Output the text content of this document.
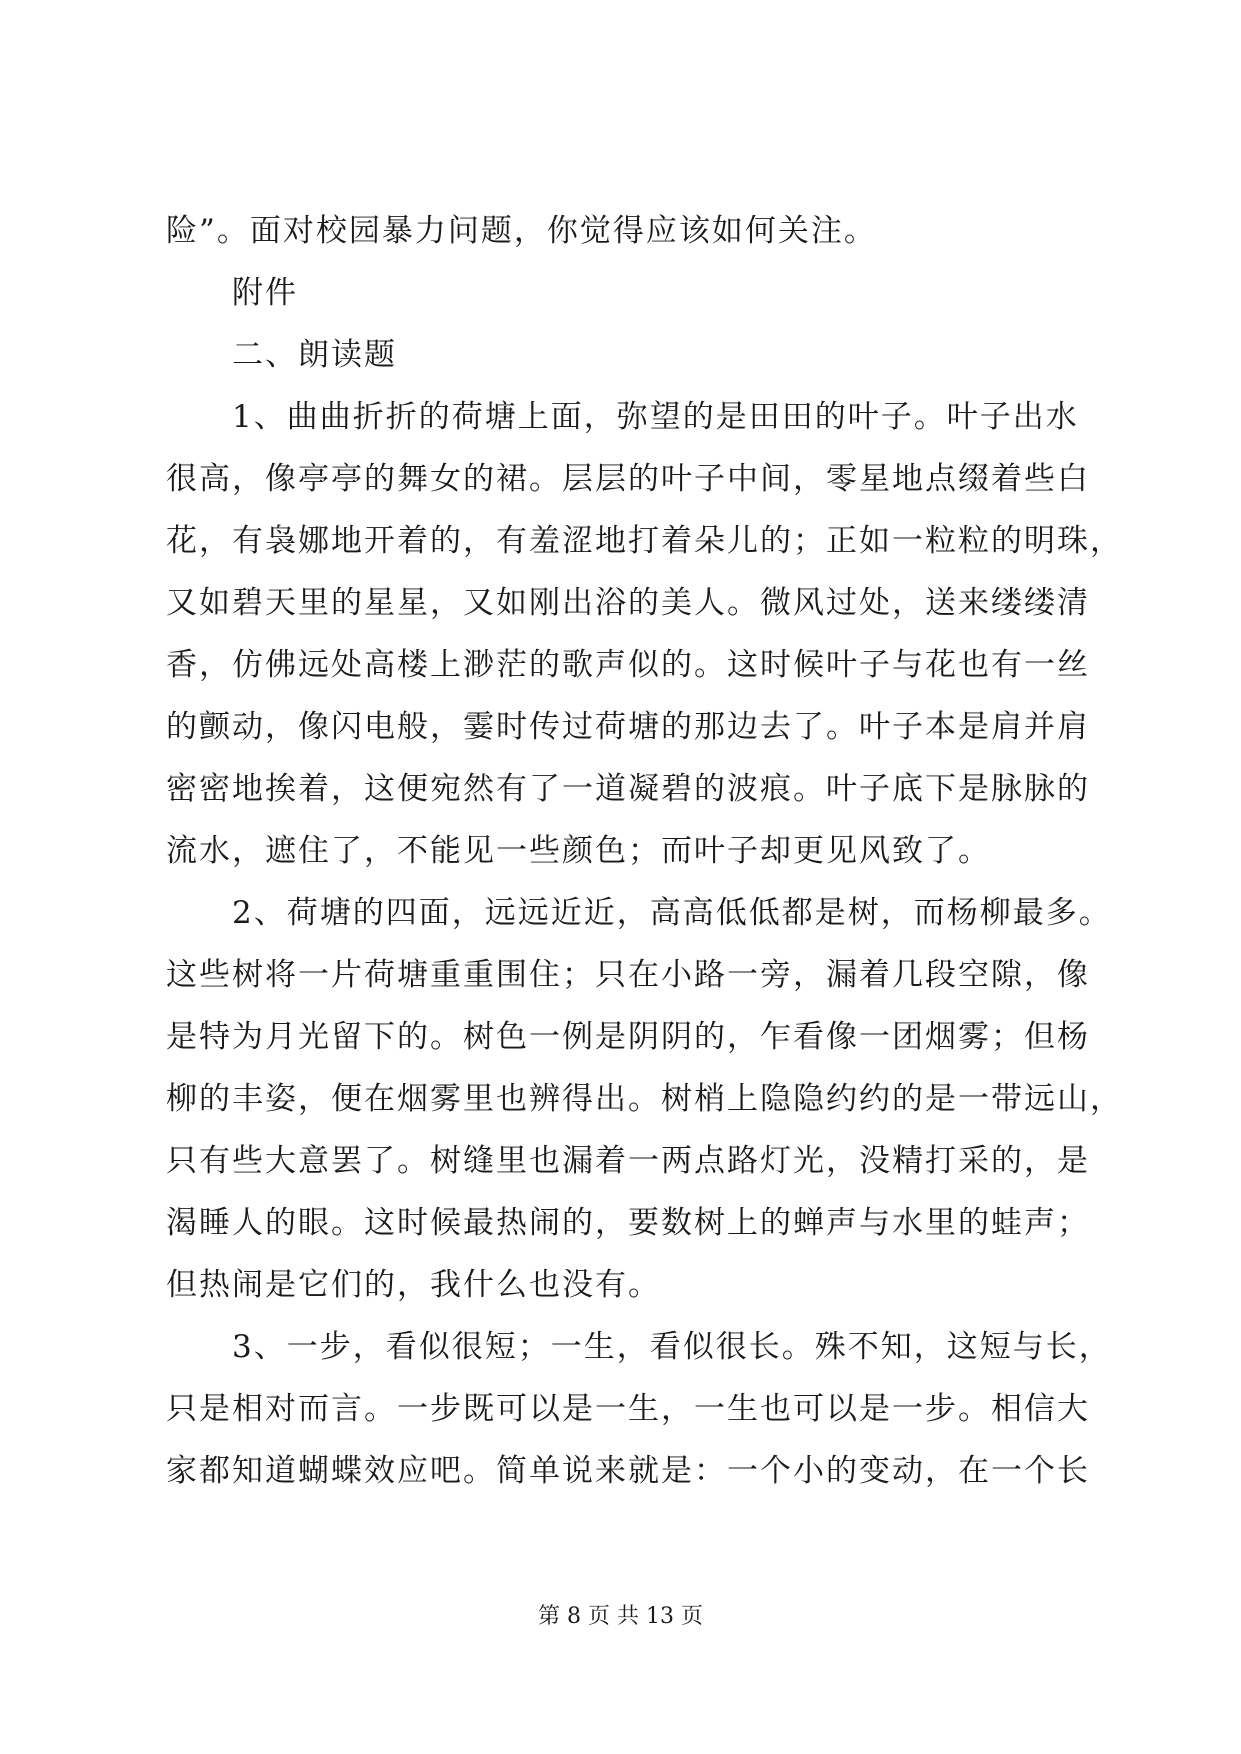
险”。面对校园暴力问题，你觉得应该如何关注。
附件
二、朗读题
1、曲曲折折的荷塘上面，弥望的是田田的叶子。叶子出水
很高，像亭亭的舞女的裙。层层的叶子中间，零星地点缀着些白
花，有袅娜地开着的，有羞涩地打着朵儿的；正如一粒粒的明珠，
又如碧天里的星星，又如刚出浴的美人。微风过处，送来缕缕清
香，仿佛远处高楼上渺茫的歌声似的。这时候叶子与花也有一丝
的颤动，像闪电般，霎时传过荷塘的那边去了。叶子本是肩并肩
密密地挨着，这便宛然有了一道凝碧的波痕。叶子底下是脉脉的
流水，遮住了，不能见一些颜色；而叶子却更见风致了。
2、荷塘的四面，远远近近，高高低低都是树，而杨柳最多。
这些树将一片荷塘重重围住；只在小路一旁，漏着几段空隙，像
是特为月光留下的。树色一例是阴阴的，乍看像一团烟雾；但杨
柳的丰姿，便在烟雾里也辨得出。树梢上隐隐约约的是一带远山，
只有些大意罢了。树缝里也漏着一两点路灯光，没精打采的，是
渴睡人的眼。这时候最热闹的，要数树上的蝉声与水里的蛙声；
但热闹是它们的，我什么也没有。
3、一步，看似很短；一生，看似很长。殊不知，这短与长，
只是相对而言。一步既可以是一生，一生也可以是一步。相信大
家都知道蝴蝶效应吧。简单说来就是：一个小的变动，在一个长
第 8 页 共 13 页
